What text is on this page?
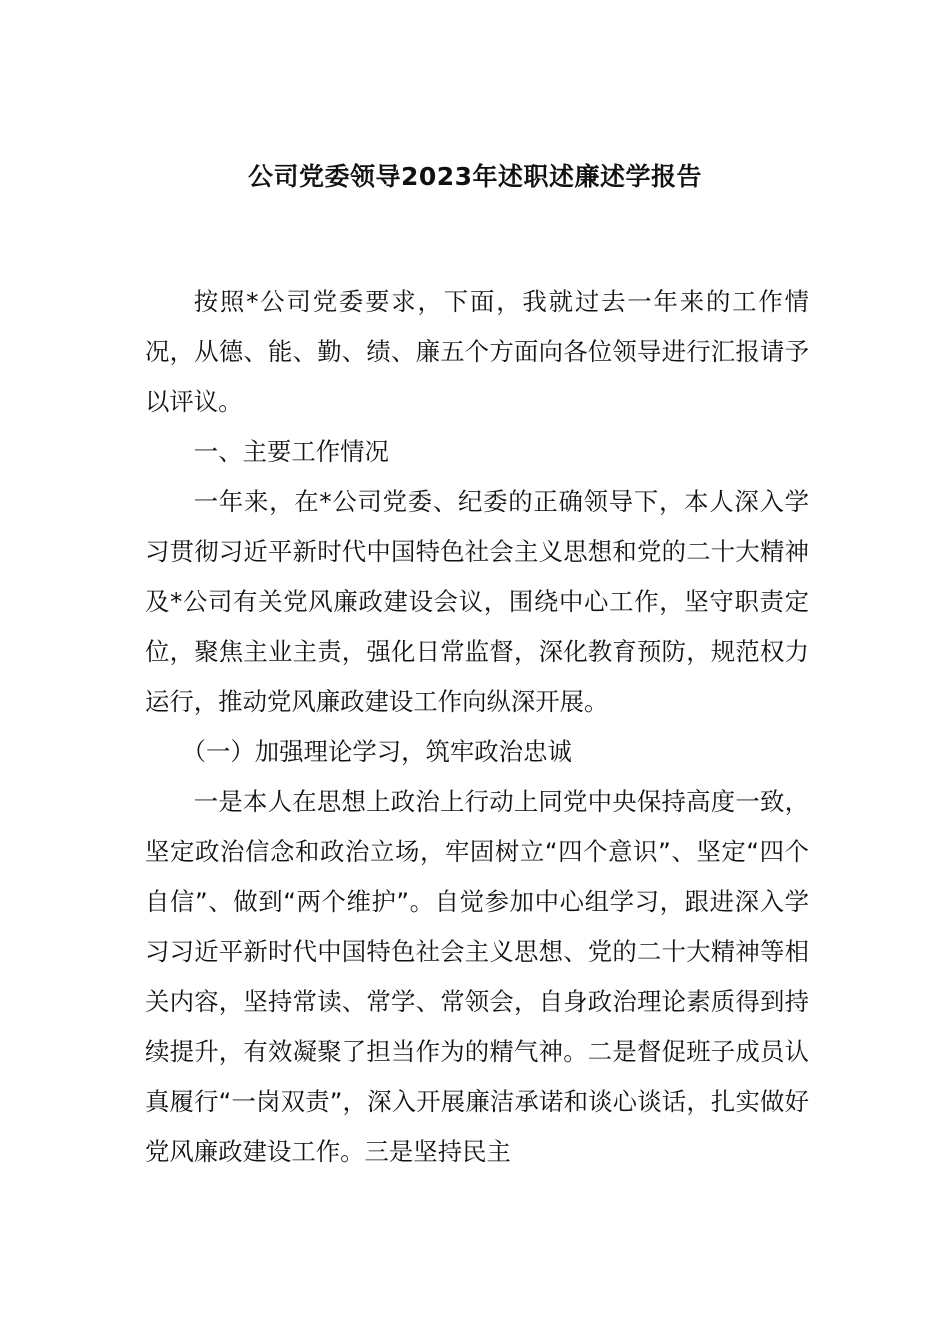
公司党委领导2023年述职述廉述学报告

按照*公司党委要求，下面，我就过去一年来的工作情况，从德、能、勤、绩、廉五个方面向各位领导进行汇报请予以评议。

一、主要工作情况

一年来，在*公司党委、纪委的正确领导下，本人深入学习贯彻习近平新时代中国特色社会主义思想和党的二十大精神及*公司有关党风廉政建设会议，围绕中心工作，坚守职责定位，聚焦主业主责，强化日常监督，深化教育预防，规范权力运行，推动党风廉政建设工作向纵深开展。

（一）加强理论学习，筑牢政治忠诚

一是本人在思想上政治上行动上同党中央保持高度一致，坚定政治信念和政治立场，牢固树立“四个意识”、坚定“四个自信”、做到“两个维护”。自觉参加中心组学习，跟进深入学习习近平新时代中国特色社会主义思想、党的二十大精神等相关内容，坚持常读、常学、常领会，自身政治理论素质得到持续提升，有效凝聚了担当作为的精气神。二是督促班子成员认真履行“一岗双责”，深入开展廉洁承诺和谈心谈话，扎实做好党风廉政建设工作。三是坚持民主
